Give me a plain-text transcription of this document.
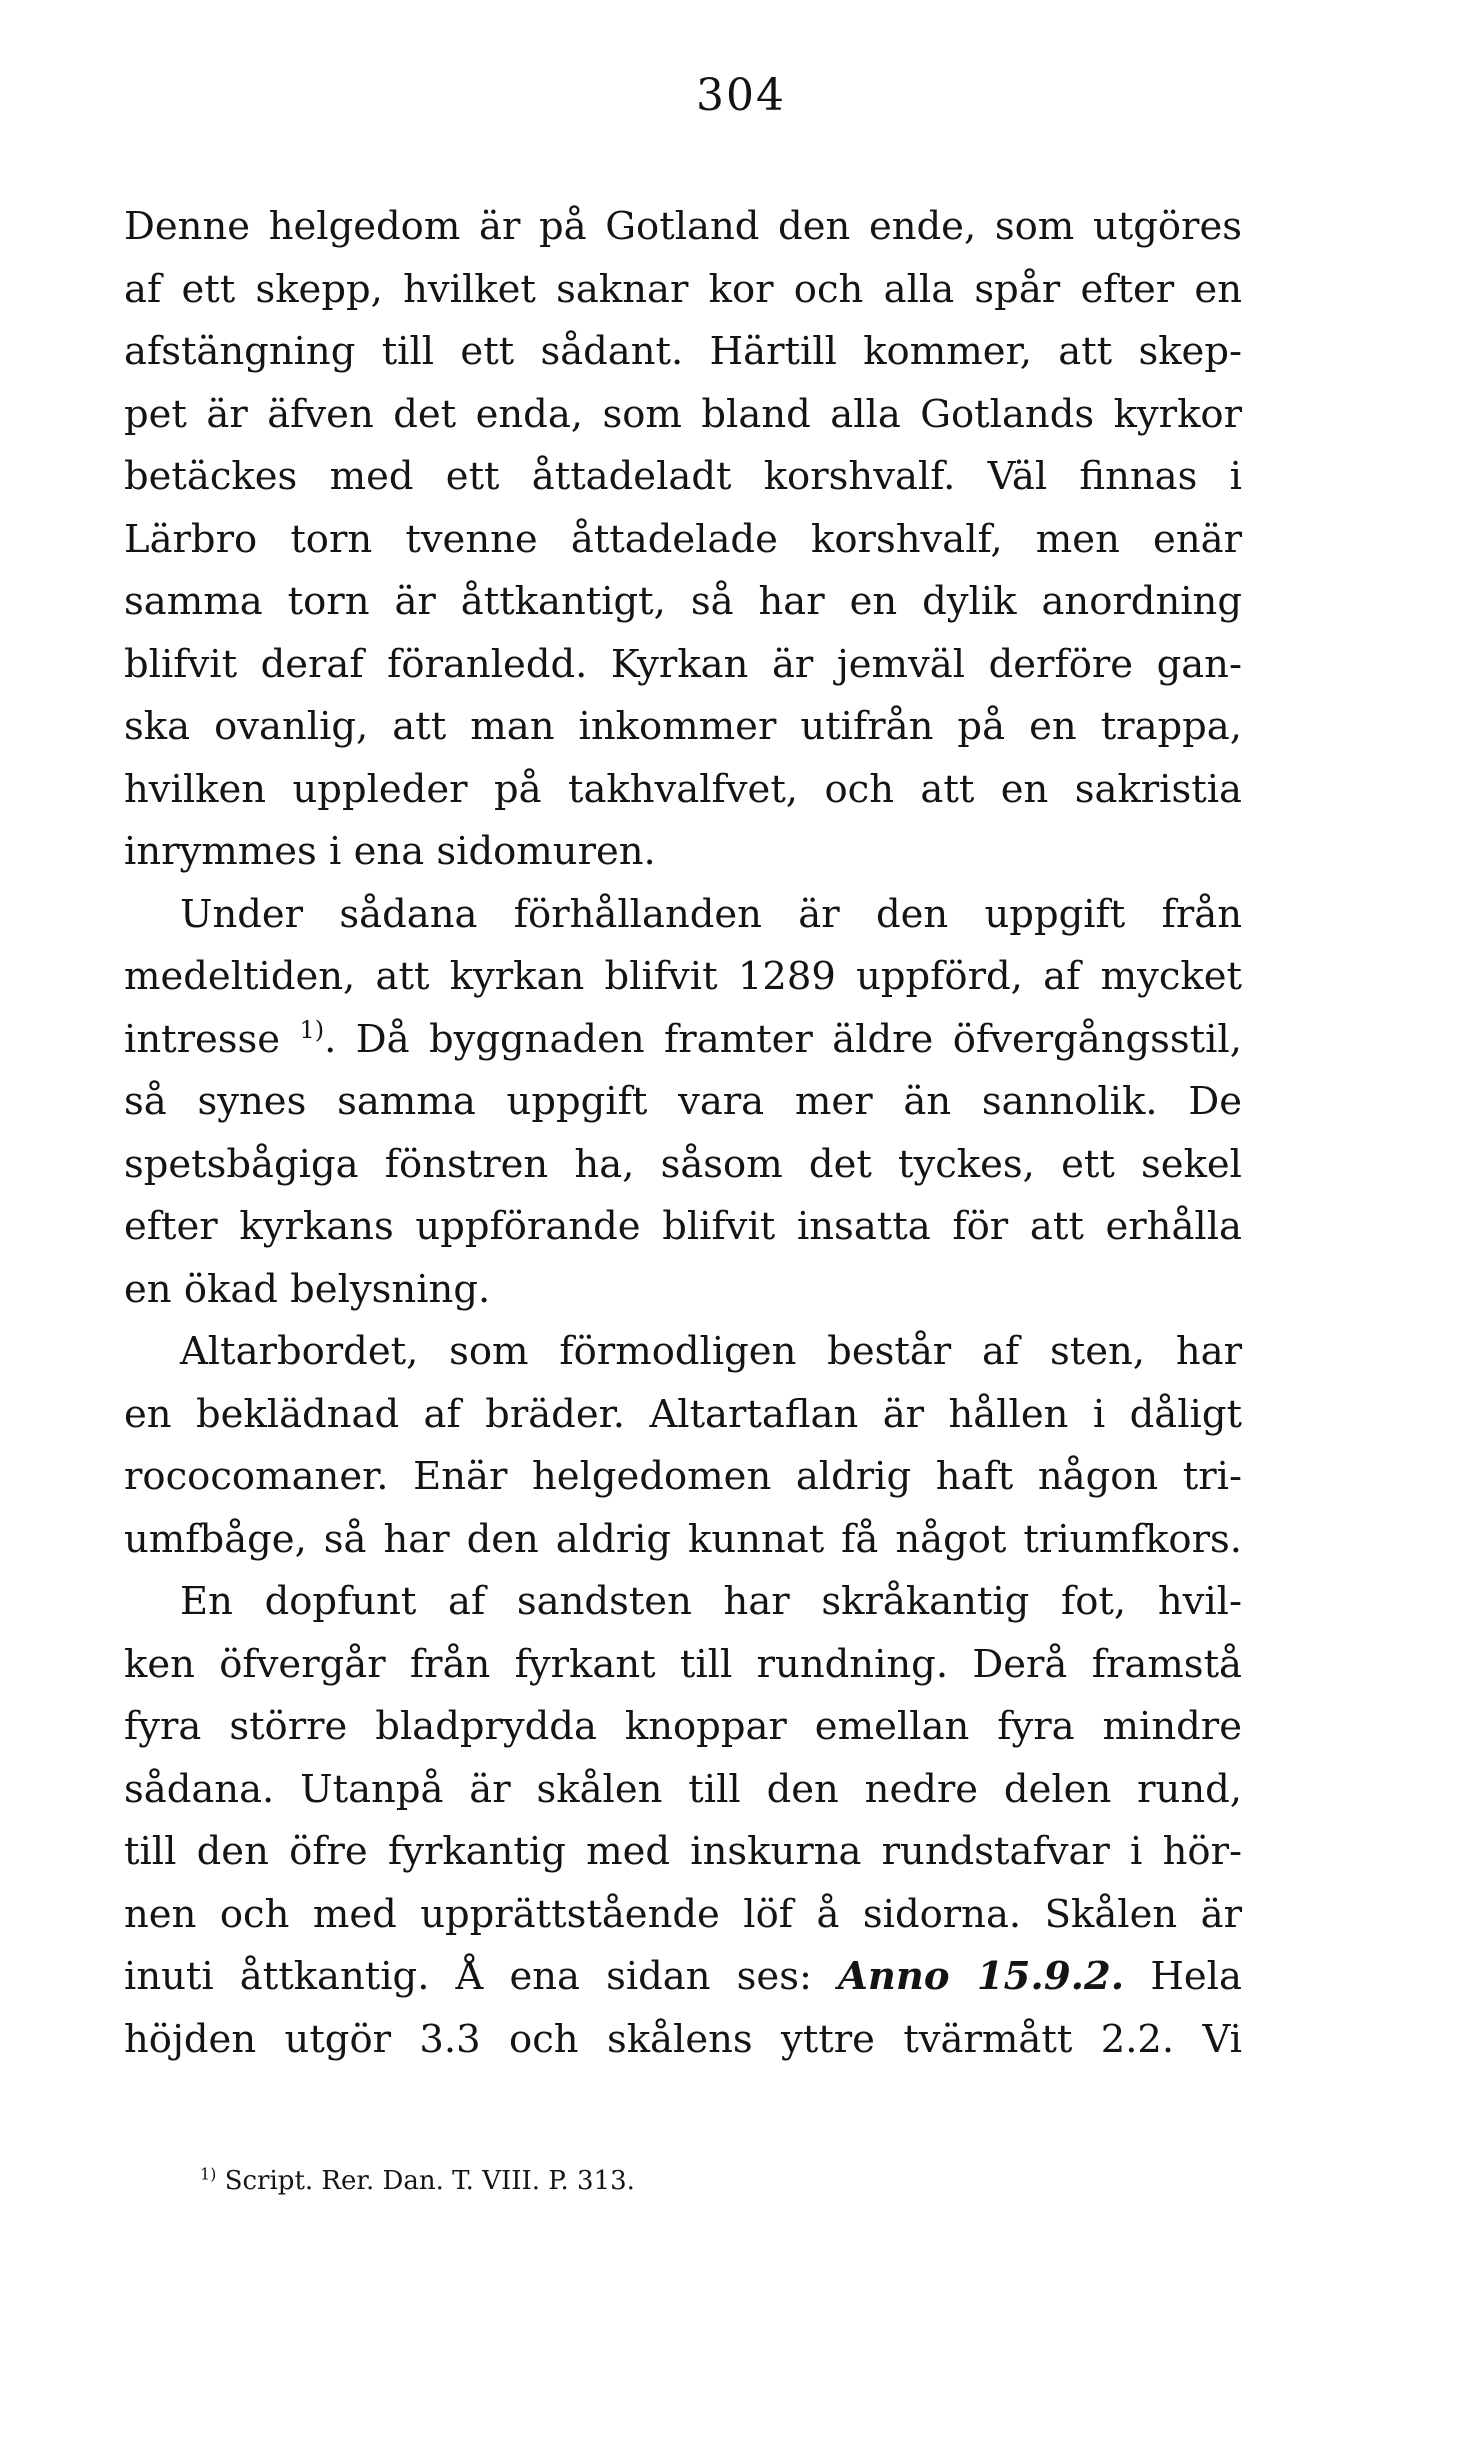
304
Denne helgedom är på Gotland den ende, som utgöres
af ett skepp, hvilket saknar kor och alla spår efter en
afstängning till ett sådant. Härtill kommer, att skep-
pet är äfven det enda, som bland alla Gotlands kyrkor
betäckes med ett åttadeladt korshvalf. Väl finnas i
Lärbro torn tvenne åttadelade korshvalf, men enär
samma torn är åttkantigt, så har en dylik anordning
blifvit deraf föranledd. Kyrkan är jemväl derföre gan-
ska ovanlig, att man inkommer utifrån på en trappa,
hvilken uppleder på takhvalfvet, och att en sakristia
inrymmes i ena sidomuren.
Under sådana förhållanden är den uppgift från
medeltiden, att kyrkan blifvit 1289 uppförd, af mycket
intresse $^{1)}$. Då byggnaden framter äldre öfvergångsstil,
så synes samma uppgift vara mer än sannolik. De
spetsbågiga fönstren ha, såsom det tyckes, ett sekel
efter kyrkans uppförande blifvit insatta för att erhålla
en ökad belysning.
Altarbordet, som förmodligen består af sten, har
en beklädnad af bräder. Altartaflan är hållen i dåligt
rococomaner. Enär helgedomen aldrig haft någon tri-
umfbåge, så har den aldrig kunnat få något triumfkors.
En dopfunt af sandsten har skråkantig fot, hvil-
ken öfvergår från fyrkant till rundning. Derå framstå
fyra större bladprydda knoppar emellan fyra mindre
sådana. Utanpå är skålen till den nedre delen rund,
till den öfre fyrkantig med inskurna rundstafvar i hör-
nen och med upprättstående löf å sidorna. Skålen är
inuti åttkantig. Å ena sidan ses: Anno 15.9.2. Hela
höjden utgör 3.3 och skålens yttre tvärmått 2.2. Vi
$^{1)}$ Script. Rer. Dan. T. VIII. P. 313.
